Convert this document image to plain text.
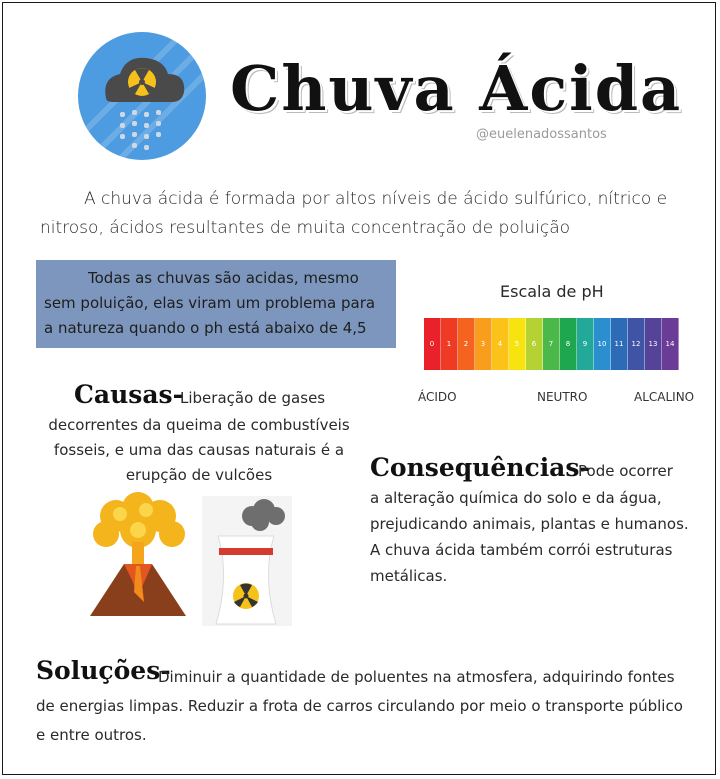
Chuva Ácida
@euelenadossantos
A chuva ácida é formada por altos níveis de ácido sulfúrico, nítrico e nitroso, ácidos resultantes de muita concentração de poluição

Todas as chuvas são acidas, mesmo sem poluição, elas viram um problema para a natureza quando o ph está abaixo de 4,5

Escala de pH
0	1	2	3	4	5	6	7	8	9	10	11	12	13	14
ÁCIDO	NEUTRO	ALCALINO
Causas-
Liberação de gases
decorrentes da queima de combustíveis fosseis, e uma das causas naturais é a erupção de vulcões	Consequências-
Pode ocorrer
a alteração química do solo e da água, prejudicando animais, plantas e humanos. A chuva ácida também corrói estruturas metálicas.
Soluções-
Diminuir a quantidade de poluentes na atmosfera, adquirindo fontes de energias limpas. Reduzir a frota de carros circulando por meio o transporte público e entre outros.
